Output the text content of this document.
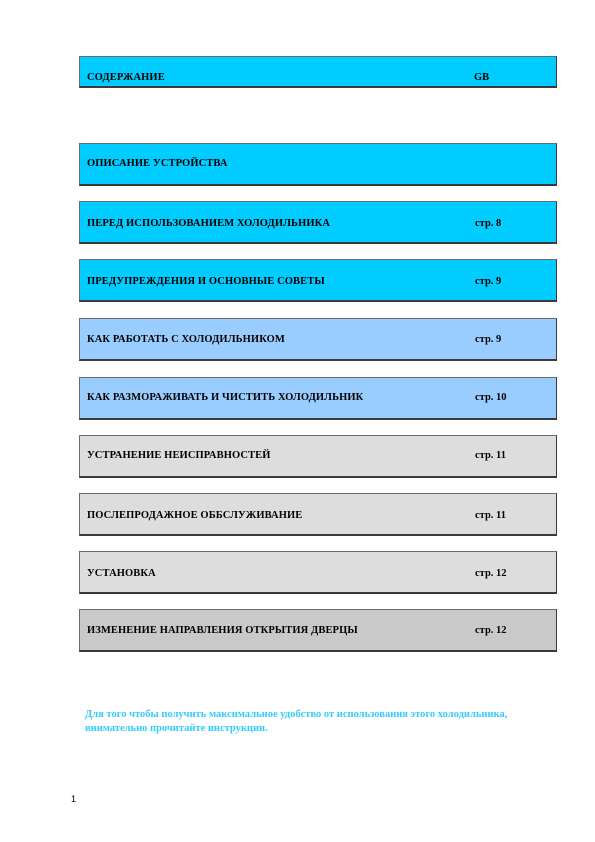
СОДЕРЖАНИЕ	GB
ОПИСАНИЕ УСТРОЙСТВА
ПЕРЕД ИСПОЛЬЗОВАНИЕМ ХОЛОДИЛЬНИКА	стр. 8
ПРЕДУПРЕЖДЕНИЯ И ОСНОВНЫЕ СОВЕТЫ	стр. 9
КАК РАБОТАТЬ С ХОЛОДИЛЬНИКОМ	стр. 9
КАК РАЗМОРАЖИВАТЬ И ЧИСТИТЬ ХОЛОДИЛЬНИК	стр. 10
УСТРАНЕНИЕ НЕИСПРАВНОСТЕЙ	стр. 11
ПОСЛЕПРОДАЖНОЕ ОББСЛУЖИВАНИЕ	стр. 11
УСТАНОВКА	стр. 12
ИЗМЕНЕНИЕ НАПРАВЛЕНИЯ ОТКРЫТИЯ ДВЕРЦЫ	стр. 12
Для того чтобы получить максимальное удобство от использования этого холодильника, внимательно прочитайте инструкции.
1
